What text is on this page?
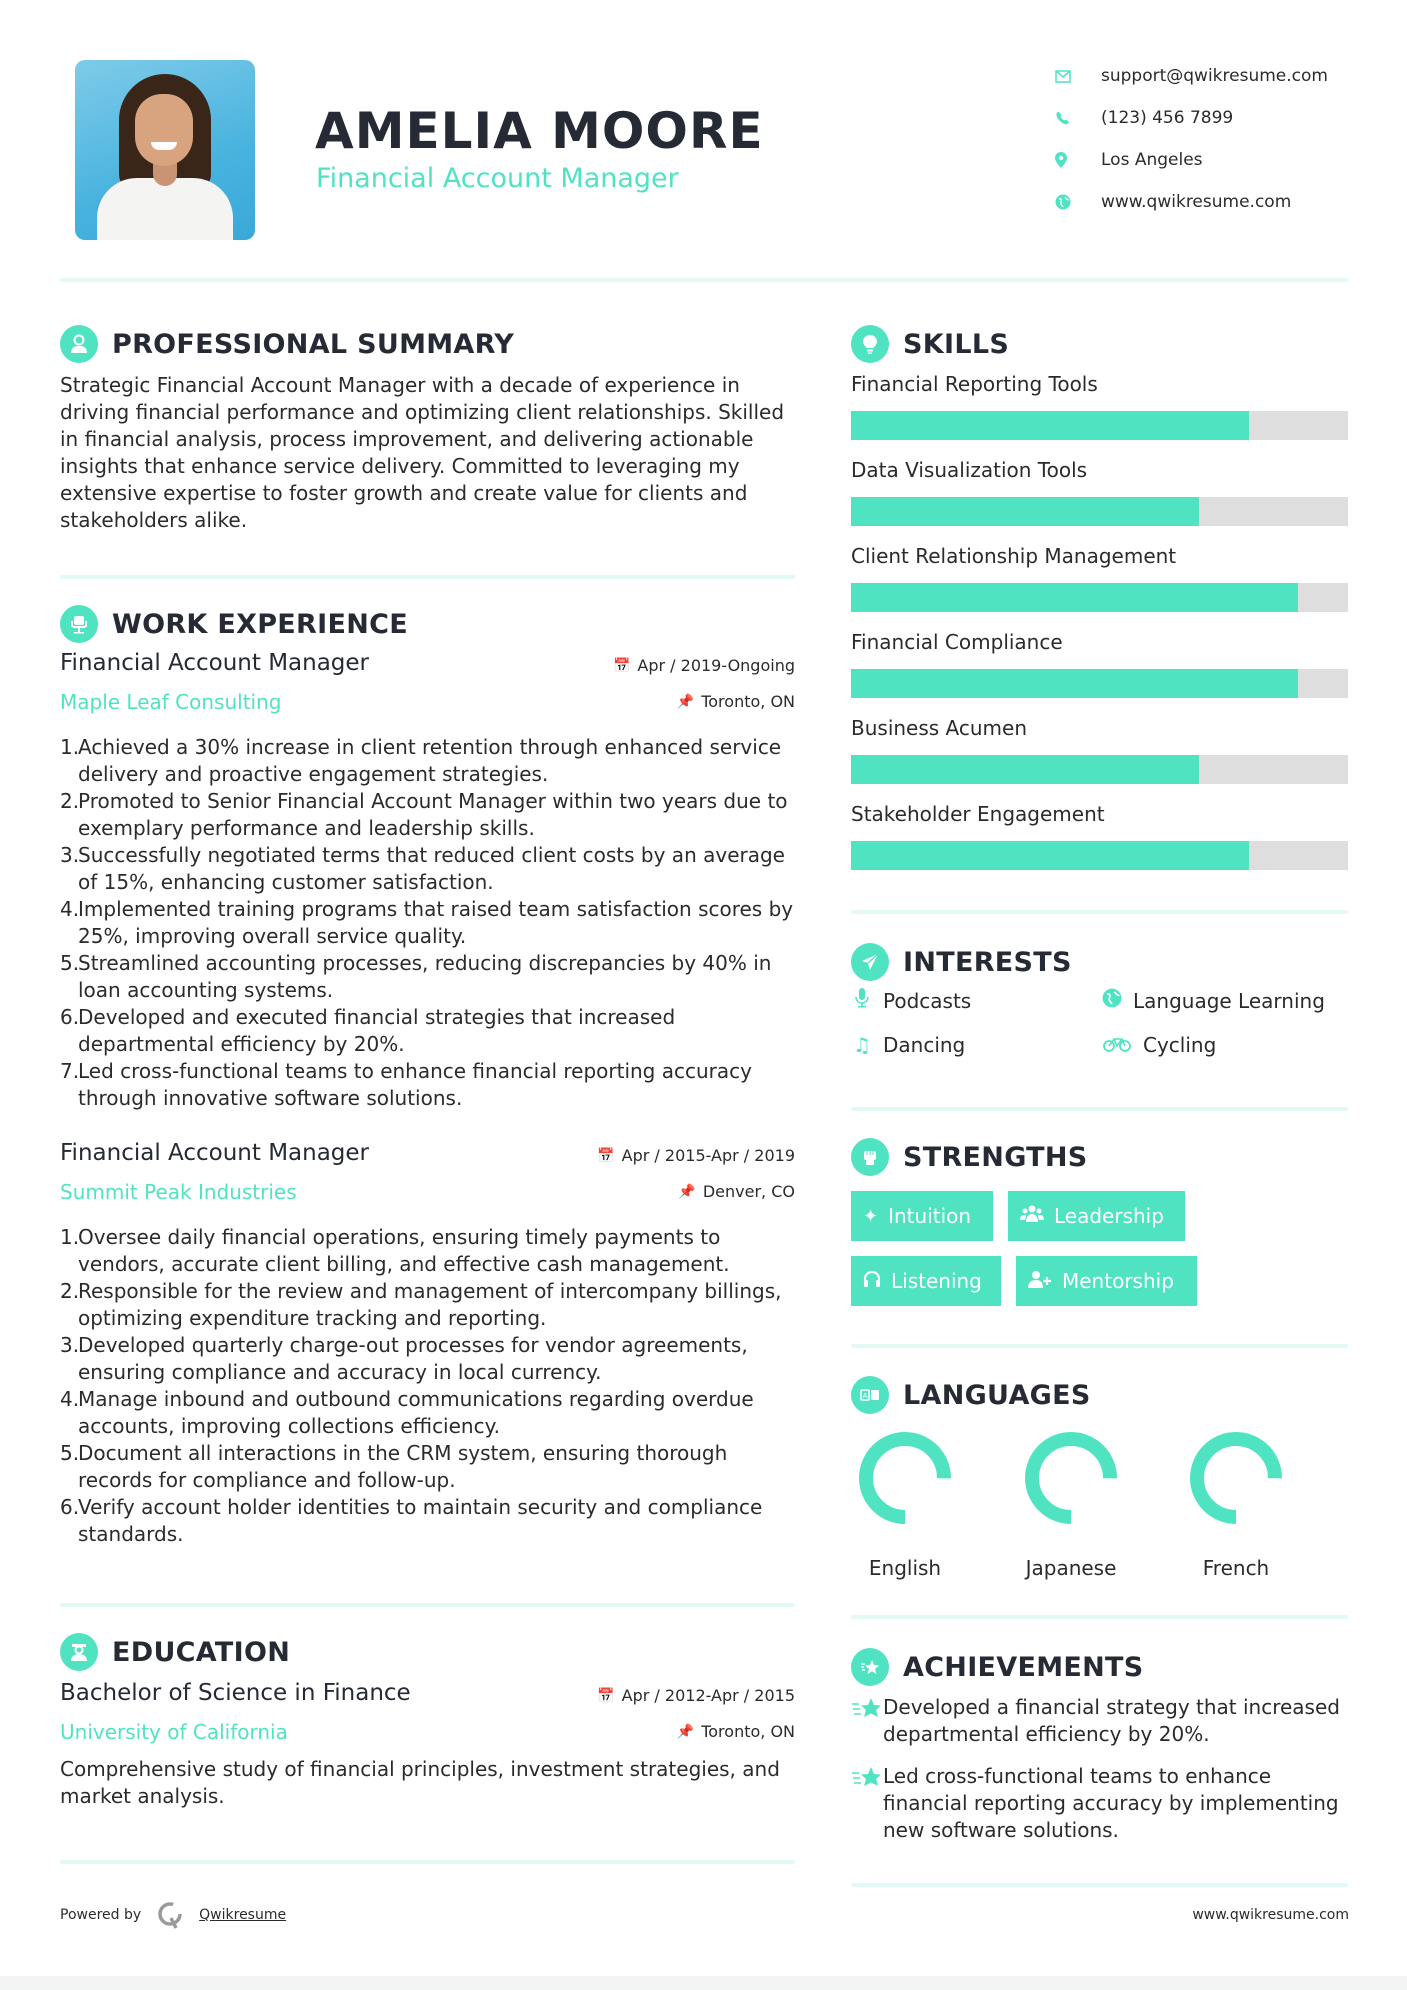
AMELIA MOORE
Financial Account Manager
support@qwikresume.com
(123) 456 7899
Los Angeles
www.qwikresume.com
PROFESSIONAL SUMMARY
Strategic Financial Account Manager with a decade of experience in driving financial performance and optimizing client relationships. Skilled in financial analysis, process improvement, and delivering actionable insights that enhance service delivery. Committed to leveraging my extensive expertise to foster growth and create value for clients and stakeholders alike.
WORK EXPERIENCE
Financial Account Manager	📅 Apr / 2019-Ongoing
Maple Leaf Consulting	📌 Toronto, ON
1.
Achieved a 30% increase in client retention through enhanced service delivery and proactive engagement strategies.
2.
Promoted to Senior Financial Account Manager within two years due to exemplary performance and leadership skills.
3.
Successfully negotiated terms that reduced client costs by an average of 15%, enhancing customer satisfaction.
4.
Implemented training programs that raised team satisfaction scores by 25%, improving overall service quality.
5.
Streamlined accounting processes, reducing discrepancies by 40% in loan accounting systems.
6.
Developed and executed financial strategies that increased departmental efficiency by 20%.
7.
Led cross-functional teams to enhance financial reporting accuracy through innovative software solutions.
Financial Account Manager	📅 Apr / 2015-Apr / 2019
Summit Peak Industries	📌 Denver, CO
1.
Oversee daily financial operations, ensuring timely payments to vendors, accurate client billing, and effective cash management.
2.
Responsible for the review and management of intercompany billings, optimizing expenditure tracking and reporting.
3.
Developed quarterly charge-out processes for vendor agreements, ensuring compliance and accuracy in local currency.
4.
Manage inbound and outbound communications regarding overdue accounts, improving collections efficiency.
5.
Document all interactions in the CRM system, ensuring thorough records for compliance and follow-up.
6.
Verify account holder identities to maintain security and compliance standards.
EDUCATION
Bachelor of Science in Finance	📅 Apr / 2012-Apr / 2015
University of California	📌 Toronto, ON
Comprehensive study of financial principles, investment strategies, and market analysis.
SKILLS
Financial Reporting Tools
Data Visualization Tools
Client Relationship Management
Financial Compliance
Business Acumen
Stakeholder Engagement
INTERESTS
Podcasts	Language Learning
♫ Dancing	Cycling
STRENGTHS
✦ Intuition	Leadership
Listening	Mentorship
A LANGUAGES
English	Japanese	French
ACHIEVEMENTS
Developed a financial strategy that increased departmental efficiency by 20%.
Led cross-functional teams to enhance financial reporting accuracy by implementing new software solutions.
Powered by	Qwikresume	www.qwikresume.com
